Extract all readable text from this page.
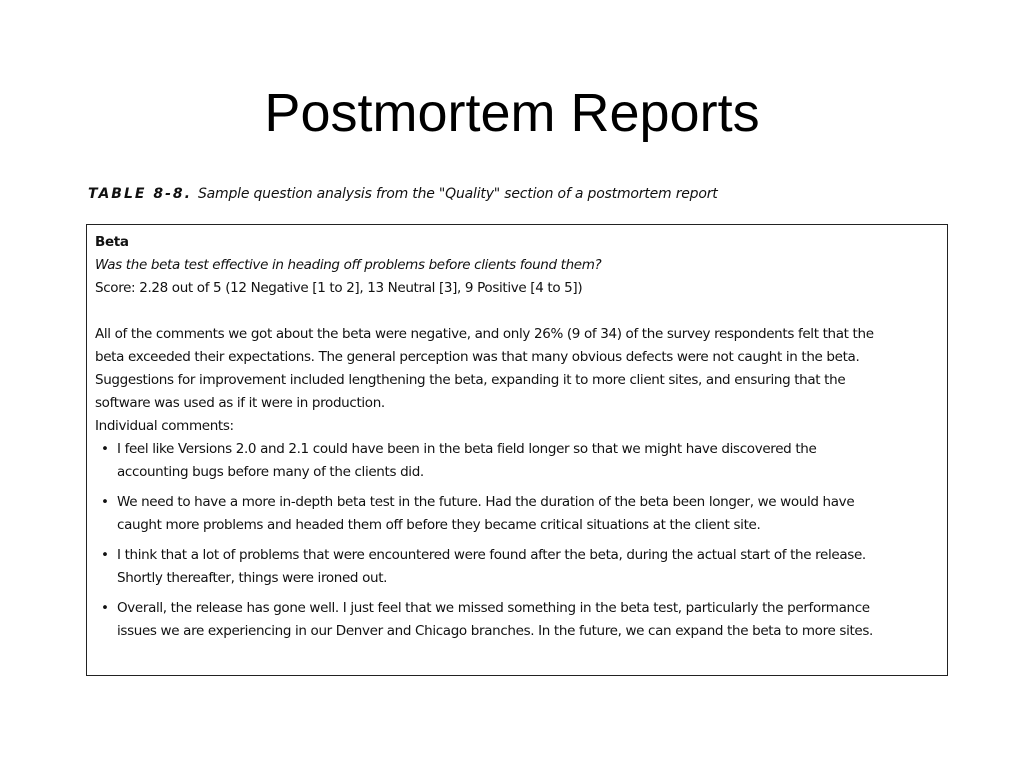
Postmortem Reports
TABLE 8-8. Sample question analysis from the "Quality" section of a postmortem report

Beta

Was the beta test effective in heading off problems before clients found them?

Score: 2.28 out of 5 (12 Negative [1 to 2], 13 Neutral [3], 9 Positive [4 to 5])

All of the comments we got about the beta were negative, and only 26% (9 of 34) of the survey respondents felt that the

beta exceeded their expectations. The general perception was that many obvious defects were not caught in the beta.

Suggestions for improvement included lengthening the beta, expanding it to more client sites, and ensuring that the

software was used as if it were in production.

Individual comments:

• I feel like Versions 2.0 and 2.1 could have been in the beta field longer so that we might have discovered the

accounting bugs before many of the clients did.

• We need to have a more in-depth beta test in the future. Had the duration of the beta been longer, we would have

caught more problems and headed them off before they became critical situations at the client site.

• I think that a lot of problems that were encountered were found after the beta, during the actual start of the release.

Shortly thereafter, things were ironed out.

• Overall, the release has gone well. I just feel that we missed something in the beta test, particularly the performance

issues we are experiencing in our Denver and Chicago branches. In the future, we can expand the beta to more sites.
